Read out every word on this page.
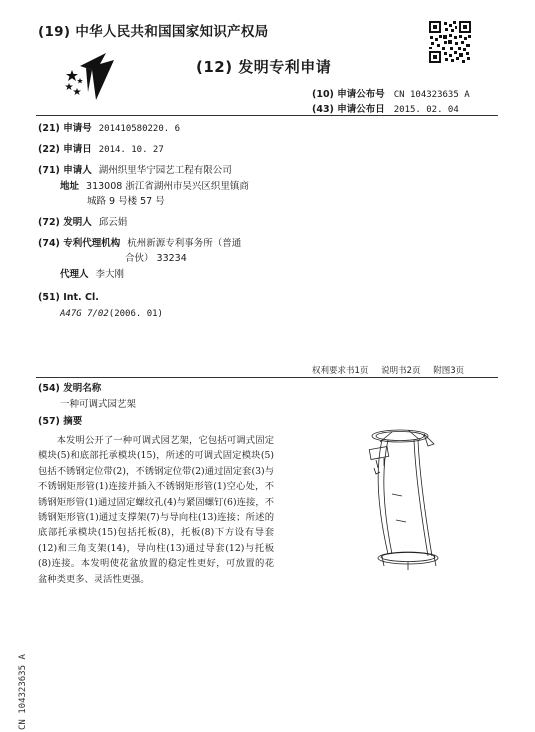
(19) 中华人民共和国国家知识产权局
(12) 发明专利申请
(10) 申请公布号 CN 104323635 A
(43) 申请公布日 2015. 02. 04
(21) 申请号 201410580220. 6
(22) 申请日 2014. 10. 27
(71) 申请人 湖州织里华宁园艺工程有限公司
地址 313008 浙江省湖州市吴兴区织里镇商
城路 9 号楼 57 号
(72) 发明人 邱云娟
(74) 专利代理机构 杭州新源专利事务所（普通
合伙） 33234
代理人 李大刚
(51) Int. Cl.
A47G 7/02(2006. 01)
权利要求书1页 说明书2页 附图3页
(54) 发明名称
一种可调式园艺架
(57) 摘要
本发明公开了一种可调式园艺架，它包括可调式固定模块(5)和底部托承模块(15)，所述的可调式固定模块(5)包括不锈钢定位带(2)，不锈钢定位带(2)通过固定套(3)与不锈钢矩形管(1)连接并插入不锈钢矩形管(1)空心处，不锈钢矩形管(1)通过固定螺纹孔(4)与紧固螺钉(6)连接，不锈钢矩形管(1)通过支撑架(7)与导向柱(13)连接；所述的底部托承模块(15)包括托板(8)，托板(8)下方设有导套(12)和三角支架(14)，导向柱(13)通过导套(12)与托板(8)连接。本发明使花盆放置的稳定性更好，可放置的花盆种类更多、灵活性更强。
CN 104323635 A
